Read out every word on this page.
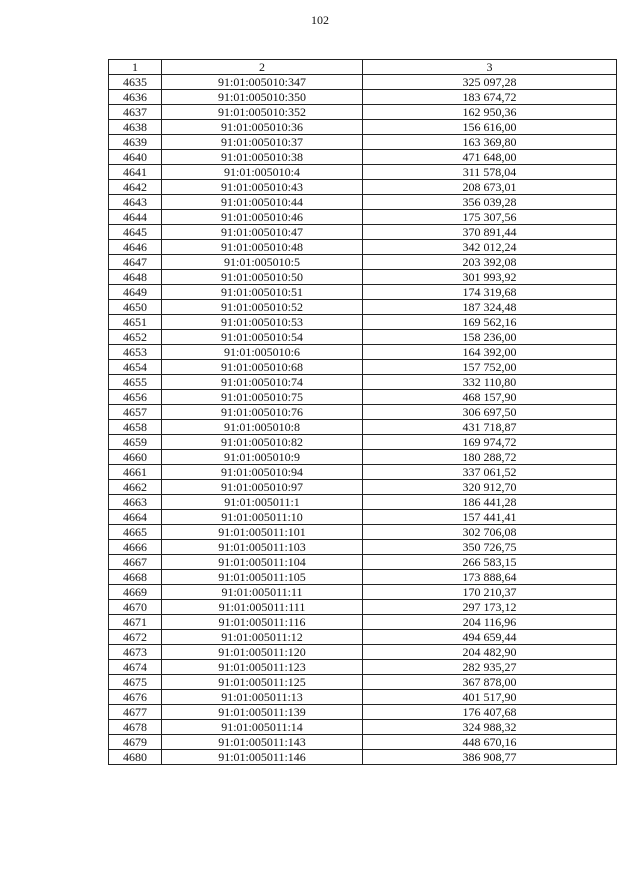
102
1	2	3
4635	91:01:005010:347	325 097,28
4636	91:01:005010:350	183 674,72
4637	91:01:005010:352	162 950,36
4638	91:01:005010:36	156 616,00
4639	91:01:005010:37	163 369,80
4640	91:01:005010:38	471 648,00
4641	91:01:005010:4	311 578,04
4642	91:01:005010:43	208 673,01
4643	91:01:005010:44	356 039,28
4644	91:01:005010:46	175 307,56
4645	91:01:005010:47	370 891,44
4646	91:01:005010:48	342 012,24
4647	91:01:005010:5	203 392,08
4648	91:01:005010:50	301 993,92
4649	91:01:005010:51	174 319,68
4650	91:01:005010:52	187 324,48
4651	91:01:005010:53	169 562,16
4652	91:01:005010:54	158 236,00
4653	91:01:005010:6	164 392,00
4654	91:01:005010:68	157 752,00
4655	91:01:005010:74	332 110,80
4656	91:01:005010:75	468 157,90
4657	91:01:005010:76	306 697,50
4658	91:01:005010:8	431 718,87
4659	91:01:005010:82	169 974,72
4660	91:01:005010:9	180 288,72
4661	91:01:005010:94	337 061,52
4662	91:01:005010:97	320 912,70
4663	91:01:005011:1	186 441,28
4664	91:01:005011:10	157 441,41
4665	91:01:005011:101	302 706,08
4666	91:01:005011:103	350 726,75
4667	91:01:005011:104	266 583,15
4668	91:01:005011:105	173 888,64
4669	91:01:005011:11	170 210,37
4670	91:01:005011:111	297 173,12
4671	91:01:005011:116	204 116,96
4672	91:01:005011:12	494 659,44
4673	91:01:005011:120	204 482,90
4674	91:01:005011:123	282 935,27
4675	91:01:005011:125	367 878,00
4676	91:01:005011:13	401 517,90
4677	91:01:005011:139	176 407,68
4678	91:01:005011:14	324 988,32
4679	91:01:005011:143	448 670,16
4680	91:01:005011:146	386 908,77
